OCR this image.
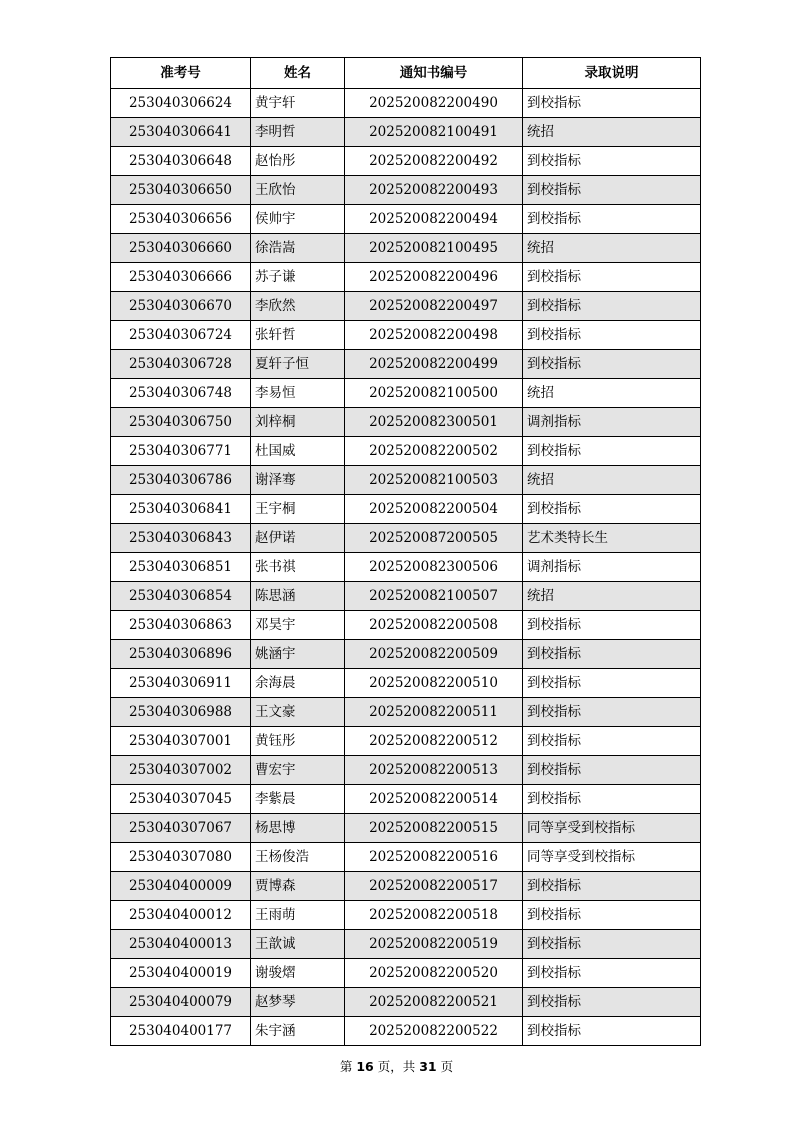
准考号	姓名	通知书编号	录取说明
253040306624	黄宇轩	202520082200490	到校指标
253040306641	李明哲	202520082100491	统招
253040306648	赵怡彤	202520082200492	到校指标
253040306650	王欣怡	202520082200493	到校指标
253040306656	侯帅宇	202520082200494	到校指标
253040306660	徐浩嵩	202520082100495	统招
253040306666	苏子谦	202520082200496	到校指标
253040306670	李欣然	202520082200497	到校指标
253040306724	张轩哲	202520082200498	到校指标
253040306728	夏轩子恒	202520082200499	到校指标
253040306748	李易恒	202520082100500	统招
253040306750	刘梓桐	202520082300501	调剂指标
253040306771	杜国威	202520082200502	到校指标
253040306786	谢泽骞	202520082100503	统招
253040306841	王宇桐	202520082200504	到校指标
253040306843	赵伊诺	202520087200505	艺术类特长生
253040306851	张书祺	202520082300506	调剂指标
253040306854	陈思涵	202520082100507	统招
253040306863	邓昊宇	202520082200508	到校指标
253040306896	姚涵宇	202520082200509	到校指标
253040306911	余海晨	202520082200510	到校指标
253040306988	王文豪	202520082200511	到校指标
253040307001	黄钰彤	202520082200512	到校指标
253040307002	曹宏宇	202520082200513	到校指标
253040307045	李紫晨	202520082200514	到校指标
253040307067	杨思博	202520082200515	同等享受到校指标
253040307080	王杨俊浩	202520082200516	同等享受到校指标
253040400009	贾博森	202520082200517	到校指标
253040400012	王雨萌	202520082200518	到校指标
253040400013	王歆诚	202520082200519	到校指标
253040400019	谢骏熠	202520082200520	到校指标
253040400079	赵梦琴	202520082200521	到校指标
253040400177	朱宇涵	202520082200522	到校指标
第 16 页，共 31 页
